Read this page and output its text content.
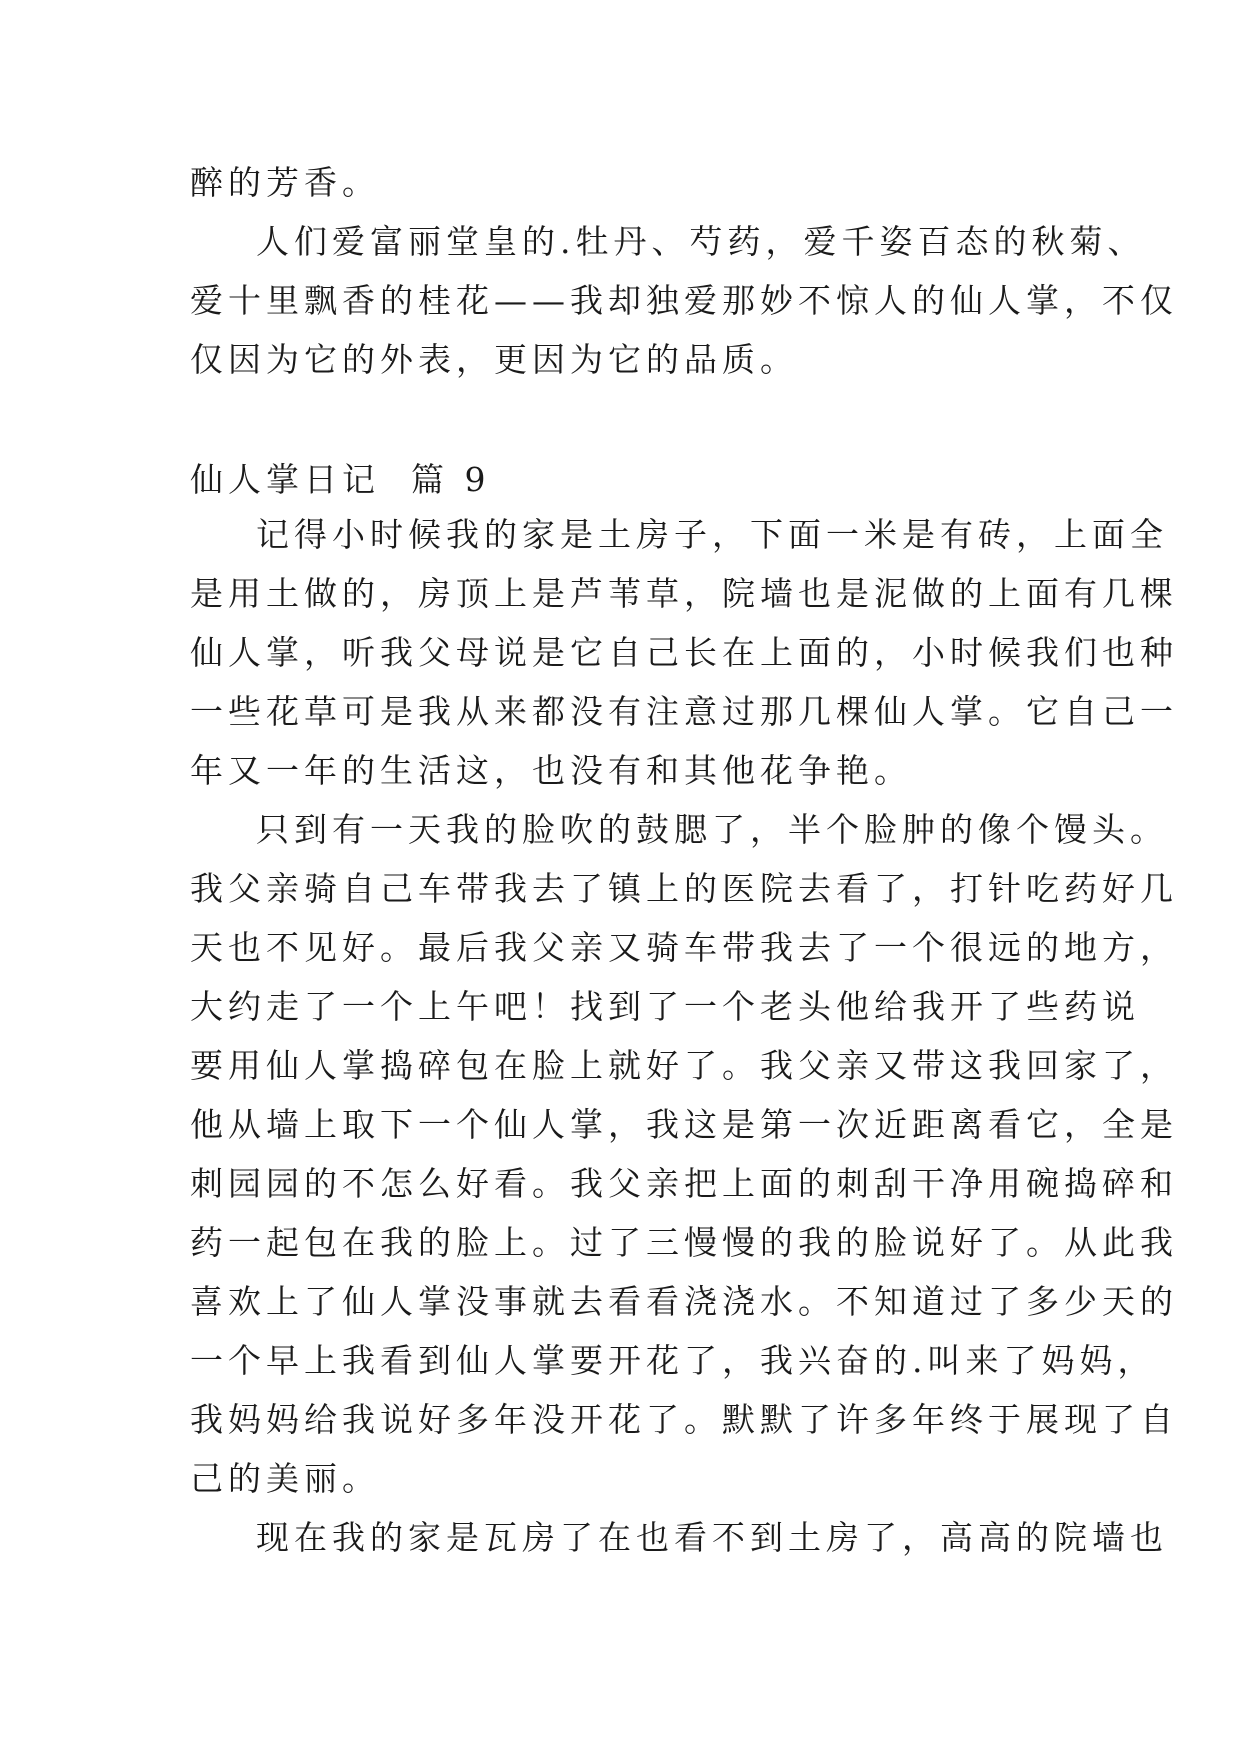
醉的芳香。
人们爱富丽堂皇的.牡丹、芍药，爱千姿百态的秋菊、
爱十里飘香的桂花——我却独爱那妙不惊人的仙人掌，不仅
仅因为它的外表，更因为它的品质。
仙人掌日记  篇 9
记得小时候我的家是土房子，下面一米是有砖，上面全
是用土做的，房顶上是芦苇草，院墙也是泥做的上面有几棵
仙人掌，听我父母说是它自己长在上面的，小时候我们也种
一些花草可是我从来都没有注意过那几棵仙人掌。它自己一
年又一年的生活这，也没有和其他花争艳。
只到有一天我的脸吹的鼓腮了，半个脸肿的像个馒头。
我父亲骑自己车带我去了镇上的医院去看了，打针吃药好几
天也不见好。最后我父亲又骑车带我去了一个很远的地方，
大约走了一个上午吧！找到了一个老头他给我开了些药说
要用仙人掌捣碎包在脸上就好了。我父亲又带这我回家了，
他从墙上取下一个仙人掌，我这是第一次近距离看它，全是
刺园园的不怎么好看。我父亲把上面的刺刮干净用碗捣碎和
药一起包在我的脸上。过了三慢慢的我的脸说好了。从此我
喜欢上了仙人掌没事就去看看浇浇水。不知道过了多少天的
一个早上我看到仙人掌要开花了，我兴奋的.叫来了妈妈，
我妈妈给我说好多年没开花了。默默了许多年终于展现了自
己的美丽。
现在我的家是瓦房了在也看不到土房了，高高的院墙也
